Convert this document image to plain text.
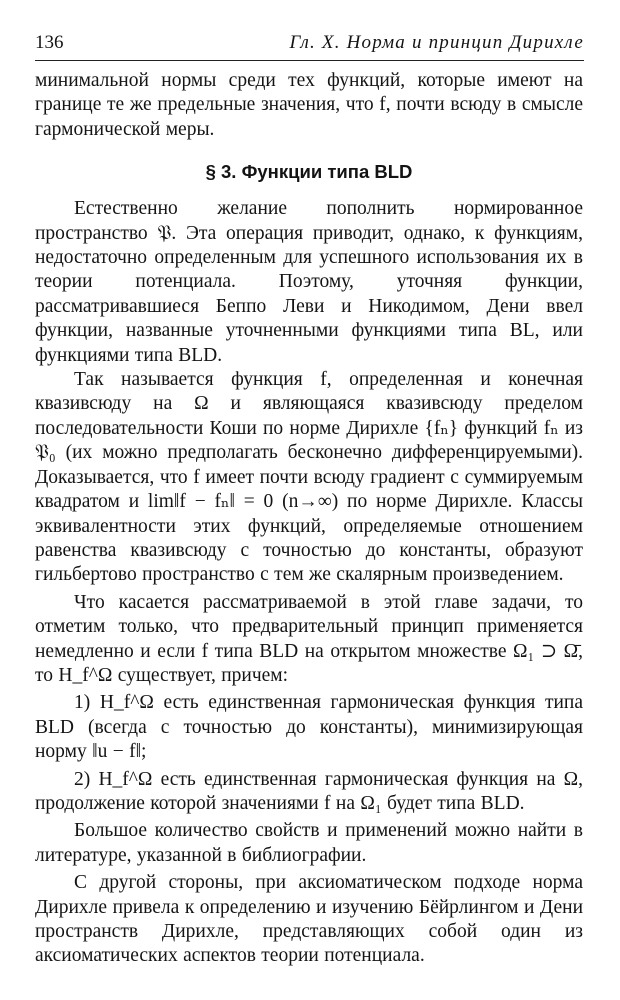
136	Гл. X. Норма и принцип Дирихле

минимальной нормы среди тех функций, которые имеют на границе те же предельные значения, что f, почти всюду в смысле гармонической меры.

§ 3. Функции типа BLD

Естественно желание пополнить нормированное пространство 𝔓. Эта операция приводит, однако, к функциям, недостаточно определенным для успешного использования их в теории потенциала. Поэтому, уточняя функции, рассматривавшиеся Беппо Леви и Никодимом, Дени ввел функции, названные уточненными функциями типа BL, или функциями типа BLD.

Так называется функция f, определенная и конечная квазивсюду на Ω и являющаяся квазивсюду пределом последовательности Коши по норме Дирихле {fₙ} функций fₙ из 𝔓₀ (их можно предполагать бесконечно дифференцируемыми). Доказывается, что f имеет почти всюду градиент с суммируемым квадратом и lim‖f − fₙ‖ = 0 (n→∞) по норме Дирихле. Классы эквивалентности этих функций, определяемые отношением равенства квазивсюду с точностью до константы, образуют гильбертово пространство с тем же скалярным произведением.

Что касается рассматриваемой в этой главе задачи, то отметим только, что предварительный принцип применяется немедленно и если f типа BLD на открытом множестве Ω₁ ⊃ Ω̄, то H_f^Ω существует, причем:

1) H_f^Ω есть единственная гармоническая функция типа BLD (всегда с точностью до константы), минимизирующая норму ‖u − f‖;

2) H_f^Ω есть единственная гармоническая функция на Ω, продолжение которой значениями f на Ω₁ будет типа BLD.

Большое количество свойств и применений можно найти в литературе, указанной в библиографии.

С другой стороны, при аксиоматическом подходе норма Дирихле привела к определению и изучению Бёйрлингом и Дени пространств Дирихле, представляющих собой один из аксиоматических аспектов теории потенциала.
